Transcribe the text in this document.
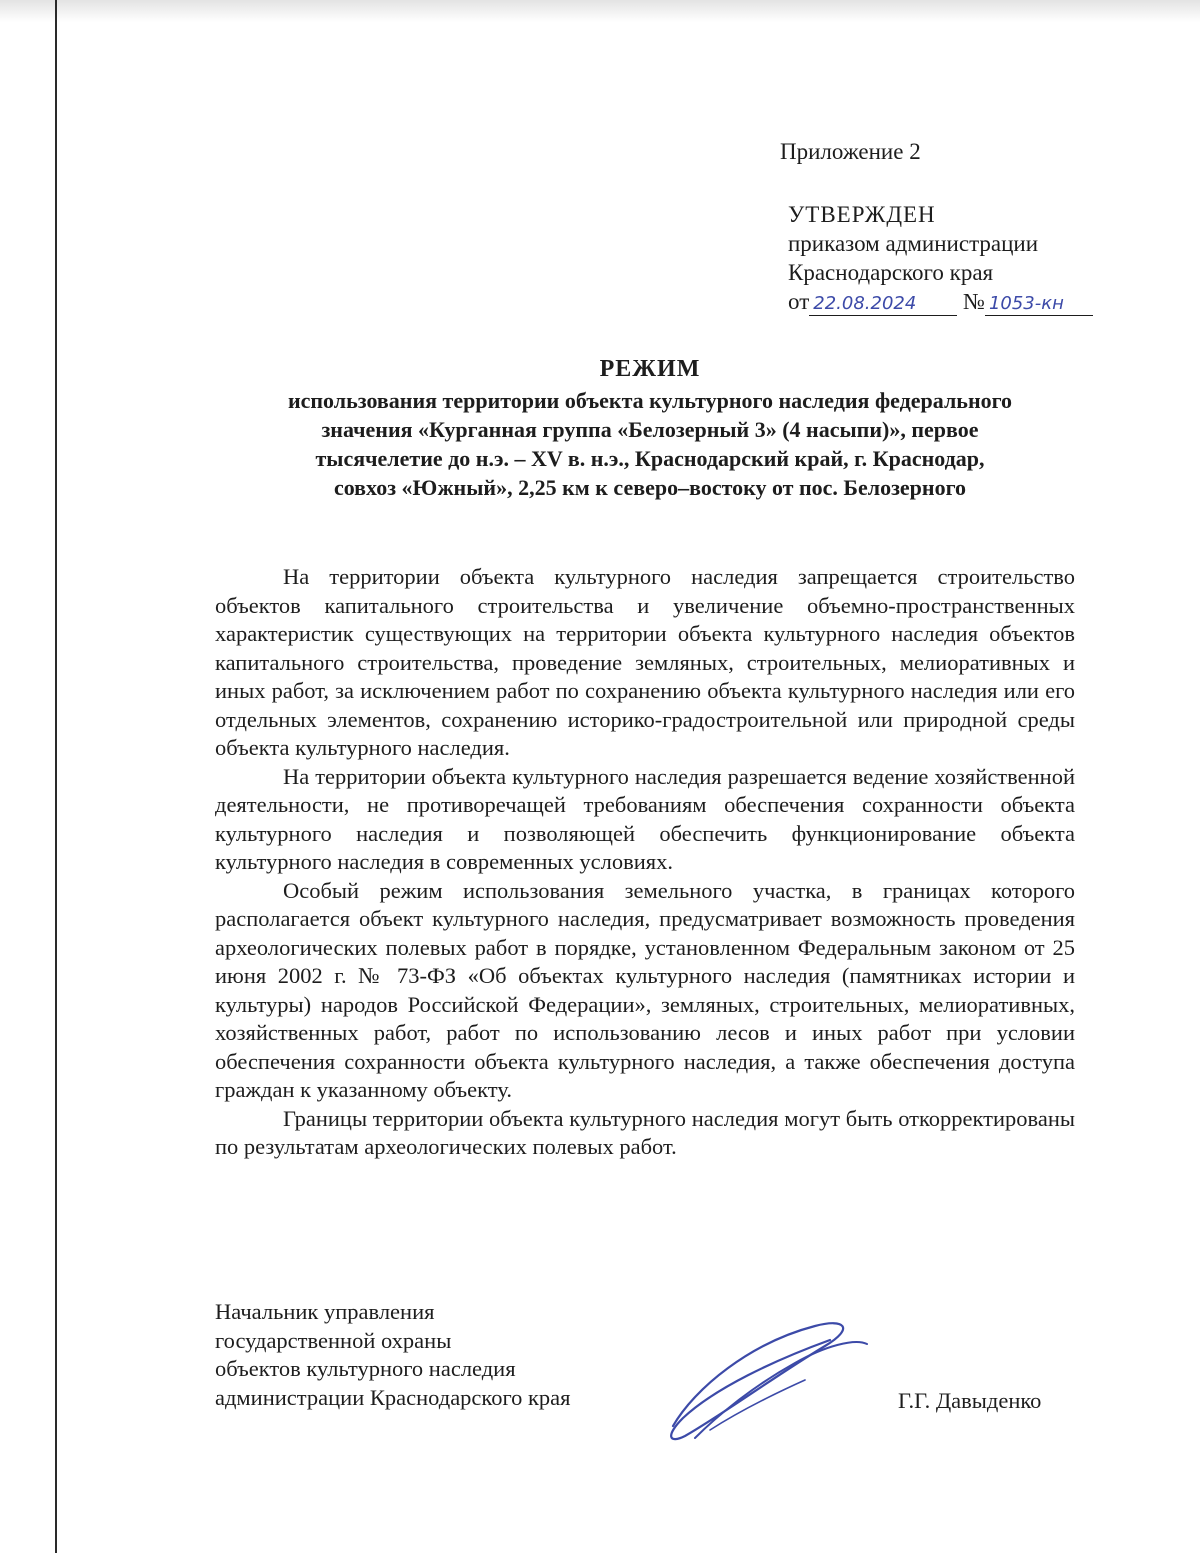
Приложение 2
УТВЕРЖДЕН
приказом администрации
Краснодарского края
от 22.08.2024 № 1053-кн
РЕЖИМ
использования территории объекта культурного наследия федерального
значения «Курганная группа «Белозерный 3» (4 насыпи)», первое
тысячелетие до н.э. – XV в. н.э., Краснодарский край, г. Краснодар,
совхоз «Южный», 2,25 км к северо–востоку от пос. Белозерного

На территории объекта культурного наследия запрещается строительство объектов капитального строительства и увеличение объемно-пространственных характеристик существующих на территории объекта культурного наследия объектов капитального строительства, проведение земляных, строительных, мелиоративных и иных работ, за исключением работ по сохранению объекта культурного наследия или его отдельных элементов, сохранению историко-градостроительной или природной среды объекта культурного наследия.

На территории объекта культурного наследия разрешается ведение хозяйственной деятельности, не противоречащей требованиям обеспечения сохранности объекта культурного наследия и позволяющей обеспечить функционирование объекта культурного наследия в современных условиях.

Особый режим использования земельного участка, в границах которого располагается объект культурного наследия, предусматривает возможность проведения археологических полевых работ в порядке, установленном Федеральным законом от 25 июня 2002 г. № 73-ФЗ «Об объектах культурного наследия (памятниках истории и культуры) народов Российской Федерации», земляных, строительных, мелиоративных, хозяйственных работ, работ по использованию лесов и иных работ при условии обеспечения сохранности объекта культурного наследия, а также обеспечения доступа граждан к указанному объекту.

Границы территории объекта культурного наследия могут быть откорректированы по результатам археологических полевых работ.

Начальник управления
государственной охраны
объектов культурного наследия
администрации Краснодарского края	Г.Г. Давыденко
